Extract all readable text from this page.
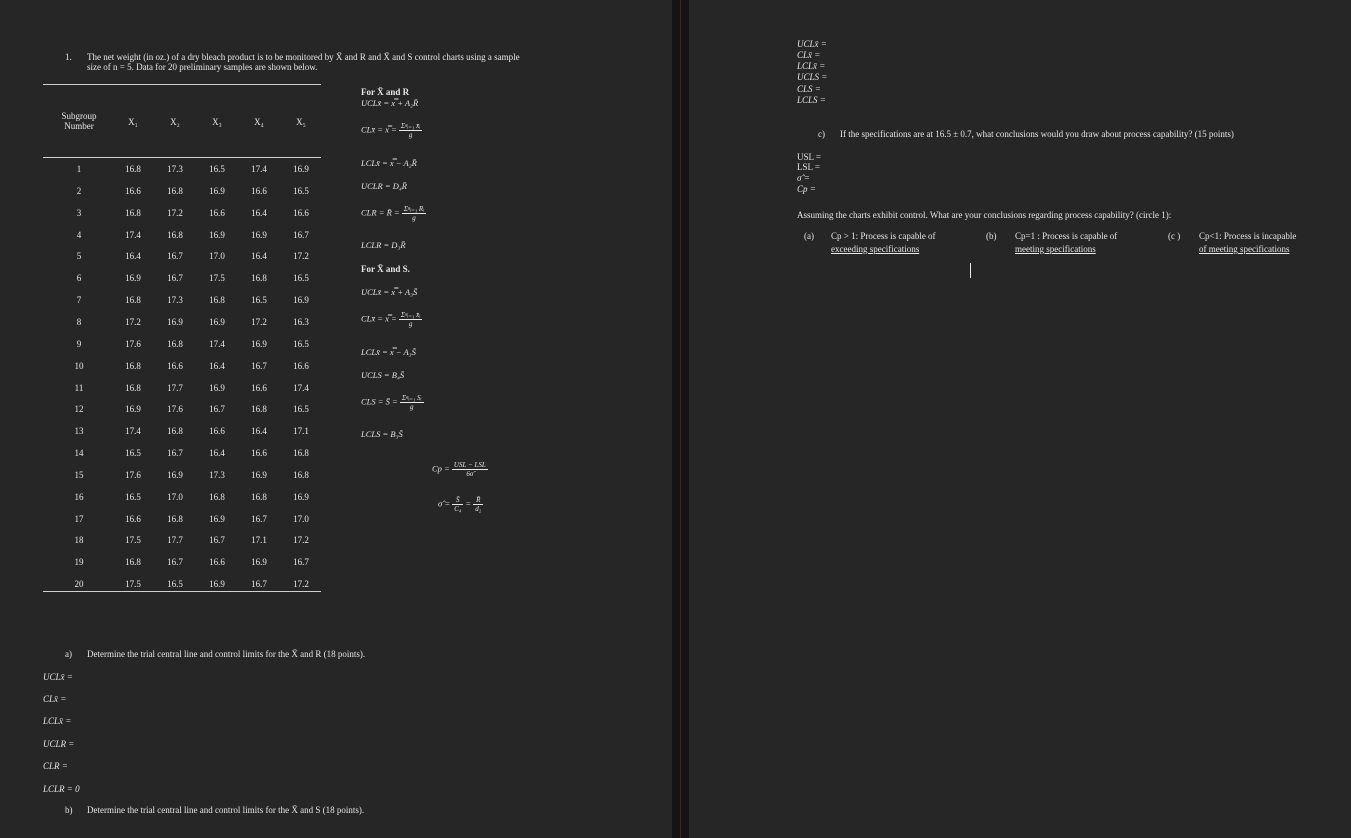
1. The net weight (in oz.) of a dry bleach product is to be monitored by X̄ and R and X̄ and S control charts using a sample
size of n = 5. Data for 20 preliminary samples are shown below.
Subgroup
Number	X₁	X₂	X₃	X₄	X₅
1	16.8	17.3	16.5	17.4	16.9
2	16.6	16.8	16.9	16.6	16.5
3	16.8	17.2	16.6	16.4	16.6
4	17.4	16.8	16.9	16.9	16.7
5	16.4	16.7	17.0	16.4	17.2
6	16.9	16.7	17.5	16.8	16.5
7	16.8	17.3	16.8	16.5	16.9
8	17.2	16.9	16.9	17.2	16.3
9	17.6	16.8	17.4	16.9	16.5
10	16.8	16.6	16.4	16.7	16.6
11	16.8	17.7	16.9	16.6	17.4
12	16.9	17.6	16.7	16.8	16.5
13	17.4	16.8	16.6	16.4	17.1
14	16.5	16.7	16.4	16.6	16.8
15	17.6	16.9	17.3	16.9	16.8
16	16.5	17.0	16.8	16.8	16.9
17	16.6	16.8	16.9	16.7	17.0
18	17.5	17.7	16.7	17.1	17.2
19	16.8	16.7	16.6	16.9	16.7
20	17.5	16.5	16.9	16.7	17.2
For X̄ and R
UCLx̄ = x̿ + A₂R̄
CLx̄ = x̿ = $\frac{\text{Σᵍᵢ₌₁ x̄ᵢ}}{g}$
LCLx̄ = x̿ − A₂R̄
UCLR = D₄R̄
CLR = R̄ = $\frac{\text{Σᵍᵢ₌₁ Rᵢ}}{g}$
LCLR = D₃R̄
For X̄ and S.
UCLx̄ = x̿ + A₃S̄
CLx̄ = x̿ = $\frac{\text{Σᵍᵢ₌₁ x̄ᵢ}}{g}$
LCLx̄ = x̿ − A₃S̄
UCLS = B₄S̄
CLS = S̄ = $\frac{\text{Σᵍᵢ₌₁ Sᵢ}}{g}$
LCLS = B₃S̄
$Cp = \frac{\text{USL − LSL}}{6\sigmâ}$
σ̂ = $\frac{S̄}{\text{C₄}} = \frac{R̄}{\text{d₂}}$
a) Determine the trial central line and control limits for the X̄ and R (18 points).
UCLx̄ =
CLx̄ =
LCLx̄ =
UCLR =
CLR =
LCLR = 0
b) Determine the trial central line and control limits for the X̄ and S (18 points).
UCLx̄ =
CLx̄ =
LCLx̄ =
UCLS =
CLS =
LCLS =
c) If the specifications are at 16.5 ± 0.7, what conclusions would you draw about process capability? (15 points)
USL =
LSL =
σ̂ =
Cp =
Assuming the charts exhibit control. What are your conclusions regarding process capability? (circle 1):
(a) Cp > 1: Process is capable of
exceeding specifications
(b) Cp=1 : Process is capable of
meeting specifications
(c ) Cp<1: Process is incapable
of meeting specifications
